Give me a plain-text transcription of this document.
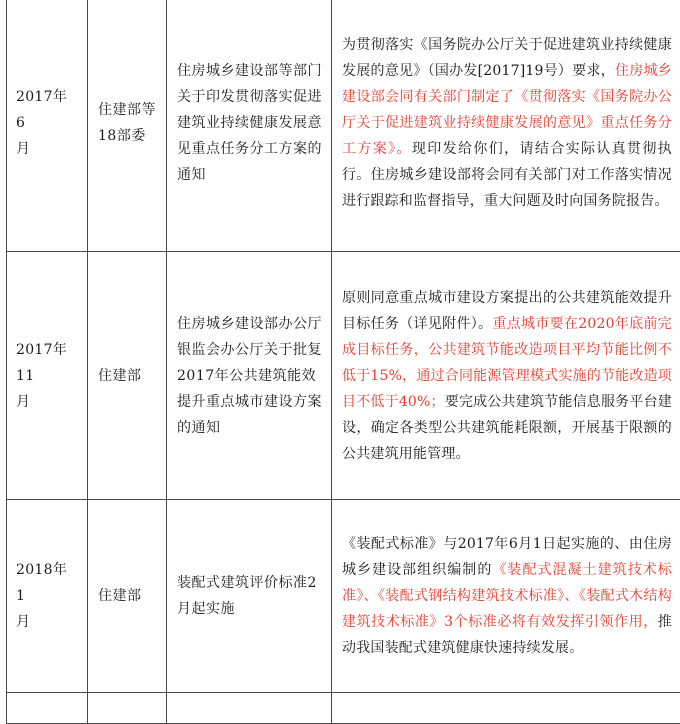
2017年
6
月	住建部等18部委	住房城乡建设部等部门关于印发贯彻落实促进建筑业持续健康发展意见重点任务分工方案的通知	为贯彻落实《国务院办公厅关于促进建筑业持续健康发展的意见》（国办发[2017]19号）要求，住房城乡建设部会同有关部门制定了《贯彻落实《国务院办公厅关于促进建筑业持续健康发展的意见》重点任务分工方案》。现印发给你们，请结合实际认真贯彻执行。住房城乡建设部将会同有关部门对工作落实情况进行跟踪和监督指导，重大问题及时向国务院报告。

2017年
11
月	住建部	住房城乡建设部办公厅 银监会办公厅关于批复2017年公共建筑能效提升重点城市建设方案的通知	原则同意重点城市建设方案提出的公共建筑能效提升目标任务（详见附件）。重点城市要在2020年底前完成目标任务，公共建筑节能改造项目平均节能比例不低于15%，通过合同能源管理模式实施的节能改造项目不低于40%；要完成公共建筑节能信息服务平台建设，确定各类型公共建筑能耗限额，开展基于限额的公共建筑用能管理。

2018年
1
月	住建部	装配式建筑评价标准2月起实施	《装配式标准》与2017年6月1日起实施的、由住房城乡建设部组织编制的《装配式混凝土建筑技术标准》、《装配式钢结构建筑技术标准》、《装配式木结构建筑技术标准》3个标准必将有效发挥引领作用，推动我国装配式建筑健康快速持续发展。
